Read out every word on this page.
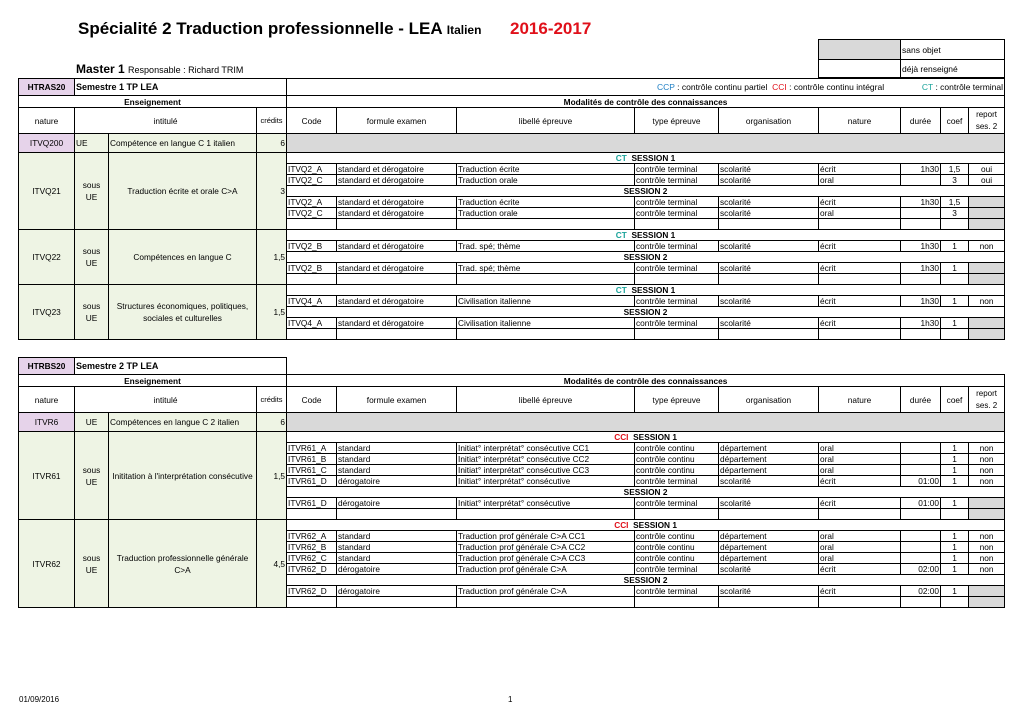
Spécialité 2 Traduction professionnelle - LEA Italien 2016-2017
Master 1 Responsable : Richard TRIM
	sans objet
	déjà renseigné
HTRAS20	Semestre 1 TP LEA			CCP : contrôle continu partiel CCI : contrôle continu intégral CT : contrôle terminal								
Enseignement				Modalités de contrôle des connaissances								
nature	intitulé		crédits	Code	formule examen	libellé épreuve	type épreuve	organisation	nature	durée	coef	report ses. 2
ITVQ200	UE	Compétence en langue C 1 italien	6									
ITVQ21	sous UE	Traduction écrite et orale C>A	3	CT SESSION 1								
				ITVQ2_A	standard et dérogatoire	Traduction écrite	contrôle terminal	scolarité	écrit	1h30	1,5	oui
				ITVQ2_C	standard et dérogatoire	Traduction orale	contrôle terminal	scolarité	oral		3	oui
				SESSION 2								
				ITVQ2_A	standard et dérogatoire	Traduction écrite	contrôle terminal	scolarité	écrit	1h30	1,5	
				ITVQ2_C	standard et dérogatoire	Traduction orale	contrôle terminal	scolarité	oral		3	

ITVQ22	sous UE	Compétences en langue C	1,5	CT SESSION 1								
				ITVQ2_B	standard et dérogatoire	Trad. spé; thème	contrôle terminal	scolarité	écrit	1h30	1	non
				SESSION 2								
				ITVQ2_B	standard et dérogatoire	Trad. spé; thème	contrôle terminal	scolarité	écrit	1h30	1	

ITVQ23	sous UE	Structures économiques, politiques, sociales et culturelles	1,5	CT SESSION 1								
				ITVQ4_A	standard et dérogatoire	Civilisation italienne	contrôle terminal	scolarité	écrit	1h30	1	non
				SESSION 2								
				ITVQ4_A	standard et dérogatoire	Civilisation italienne	contrôle terminal	scolarité	écrit	1h30	1	

HTRBS20	Semestre 2 TP LEA											
Enseignement				Modalités de contrôle des connaissances								
nature	intitulé		crédits	Code	formule examen	libellé épreuve	type épreuve	organisation	nature	durée	coef	report ses. 2
ITVR6	UE	Compétences en langue C 2 italien	6									
ITVR61	sous UE	Inititation à l'interprétation consécutive	1,5	CCI SESSION 1								
				ITVR61_A	standard	Initiat° interprétat° consécutive CC1	contrôle continu	département	oral		1	non
				ITVR61_B	standard	Initiat° interprétat° consécutive CC2	contrôle continu	département	oral		1	non
				ITVR61_C	standard	Initiat° interprétat° consécutive CC3	contrôle continu	département	oral		1	non
				ITVR61_D	dérogatoire	Initiat° interprétat° consécutive	contrôle terminal	scolarité	écrit	01:00	1	non
				SESSION 2								
				ITVR61_D	dérogatoire	Initiat° interprétat° consécutive	contrôle terminal	scolarité	écrit	01:00	1	

ITVR62	sous UE	Traduction professionnelle générale C>A	4,5	CCI SESSION 1								
				ITVR62_A	standard	Traduction prof générale C>A CC1	contrôle continu	département	oral		1	non
				ITVR62_B	standard	Traduction prof générale C>A CC2	contrôle continu	département	oral		1	non
				ITVR62_C	standard	Traduction prof générale C>A CC3	contrôle continu	département	oral		1	non
				ITVR62_D	dérogatoire	Traduction prof générale C>A	contrôle terminal	scolarité	écrit	02:00	1	non
				SESSION 2								
				ITVR62_D	dérogatoire	Traduction prof générale C>A	contrôle terminal	scolarité	écrit	02:00	1	

01/09/2016	1
